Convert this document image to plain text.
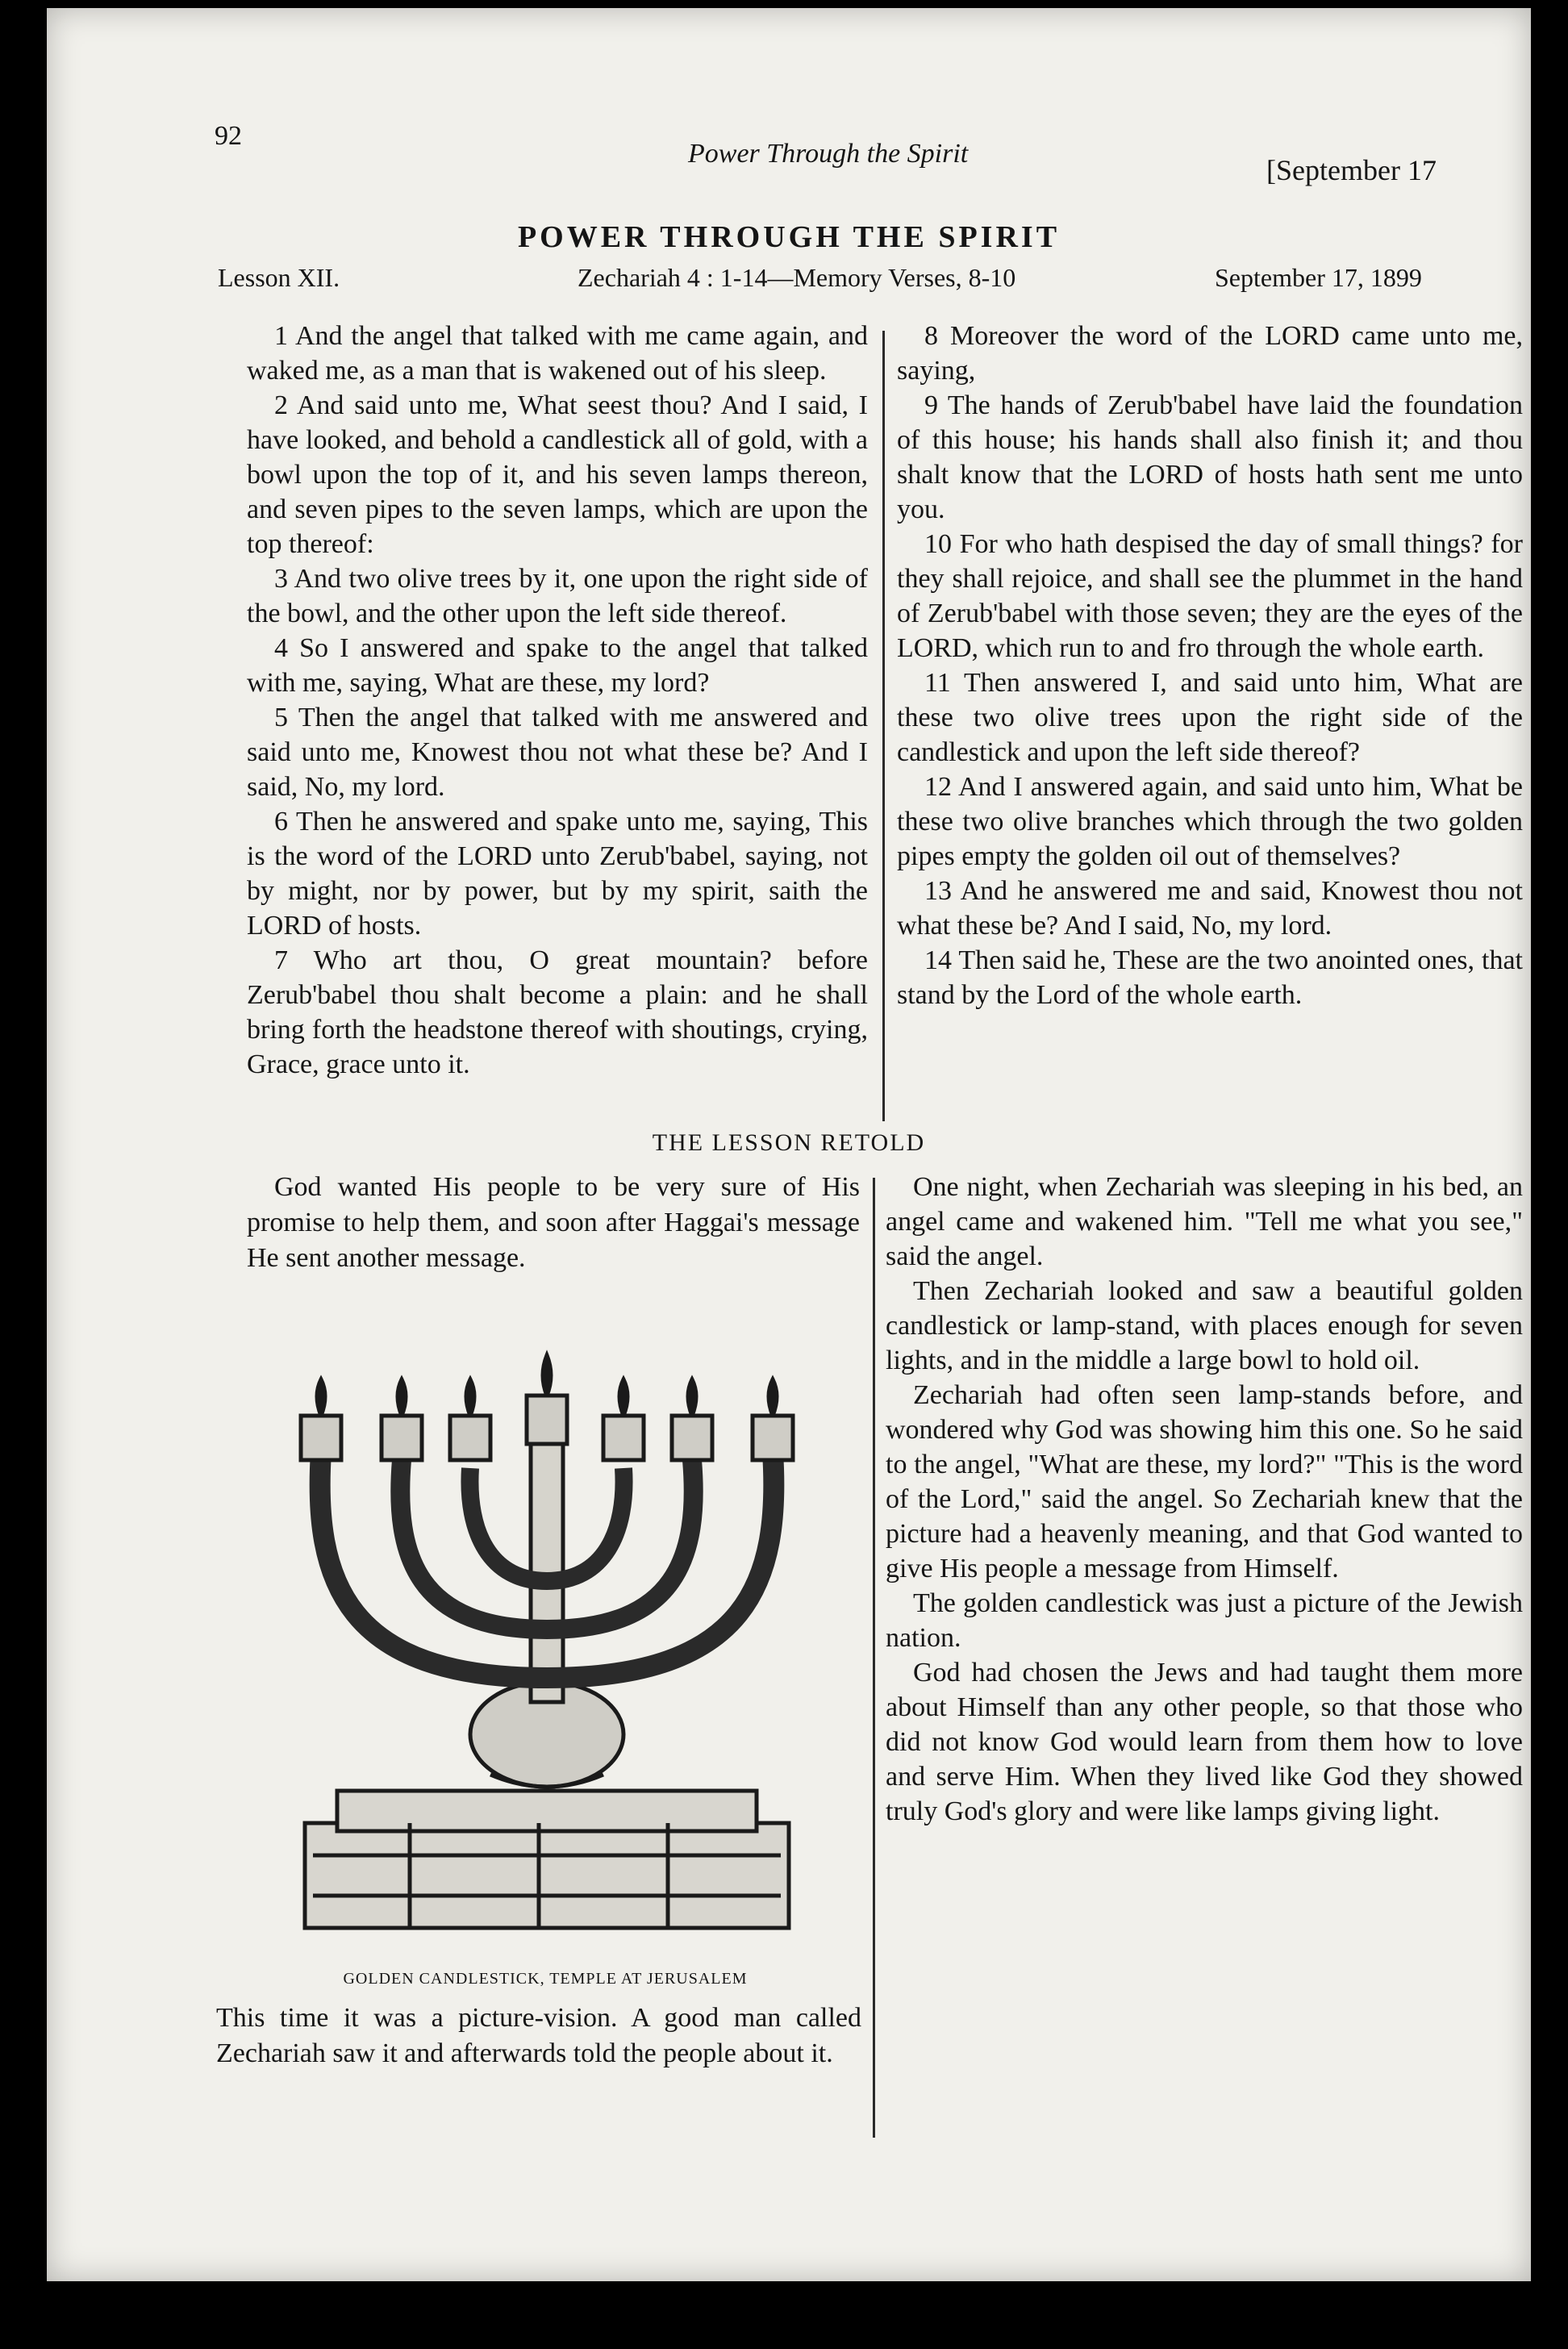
92
Power Through the Spirit
[September 17
POWER THROUGH THE SPIRIT
Lesson XII.	Zechariah 4 : 1-14—Memory Verses, 8-10	September 17, 1899

1 And the angel that talked with me came again, and waked me, as a man that is wakened out of his sleep.

2 And said unto me, What seest thou? And I said, I have looked, and behold a candlestick all of gold, with a bowl upon the top of it, and his seven lamps thereon, and seven pipes to the seven lamps, which are upon the top thereof:

3 And two olive trees by it, one upon the right side of the bowl, and the other upon the left side thereof.

4 So I answered and spake to the angel that talked with me, saying, What are these, my lord?

5 Then the angel that talked with me answered and said unto me, Knowest thou not what these be? And I said, No, my lord.

6 Then he answered and spake unto me, saying, This is the word of the LORD unto Zerub'babel, saying, not by might, nor by power, but by my spirit, saith the LORD of hosts.

7 Who art thou, O great mountain? before Zerub'babel thou shalt become a plain: and he shall bring forth the headstone thereof with shoutings, crying, Grace, grace unto it.

8 Moreover the word of the LORD came unto me, saying,

9 The hands of Zerub'babel have laid the foundation of this house; his hands shall also finish it; and thou shalt know that the LORD of hosts hath sent me unto you.

10 For who hath despised the day of small things? for they shall rejoice, and shall see the plummet in the hand of Zerub'babel with those seven; they are the eyes of the LORD, which run to and fro through the whole earth.

11 Then answered I, and said unto him, What are these two olive trees upon the right side of the candlestick and upon the left side thereof?

12 And I answered again, and said unto him, What be these two olive branches which through the two golden pipes empty the golden oil out of themselves?

13 And he answered me and said, Knowest thou not what these be? And I said, No, my lord.

14 Then said he, These are the two anointed ones, that stand by the Lord of the whole earth.

THE LESSON RETOLD

God wanted His people to be very sure of His promise to help them, and soon after Haggai's message He sent another message.

GOLDEN CANDLESTICK, TEMPLE AT JERUSALEM

This time it was a picture-vision. A good man called Zechariah saw it and afterwards told the people about it.

One night, when Zechariah was sleeping in his bed, an angel came and wakened him. "Tell me what you see," said the angel.

Then Zechariah looked and saw a beautiful golden candlestick or lamp-stand, with places enough for seven lights, and in the middle a large bowl to hold oil.

Zechariah had often seen lamp-stands before, and wondered why God was showing him this one. So he said to the angel, "What are these, my lord?" "This is the word of the Lord," said the angel. So Zechariah knew that the picture had a heavenly meaning, and that God wanted to give His people a message from Himself.

The golden candlestick was just a picture of the Jewish nation.

God had chosen the Jews and had taught them more about Himself than any other people, so that those who did not know God would learn from them how to love and serve Him. When they lived like God they showed truly God's glory and were like lamps giving light.
